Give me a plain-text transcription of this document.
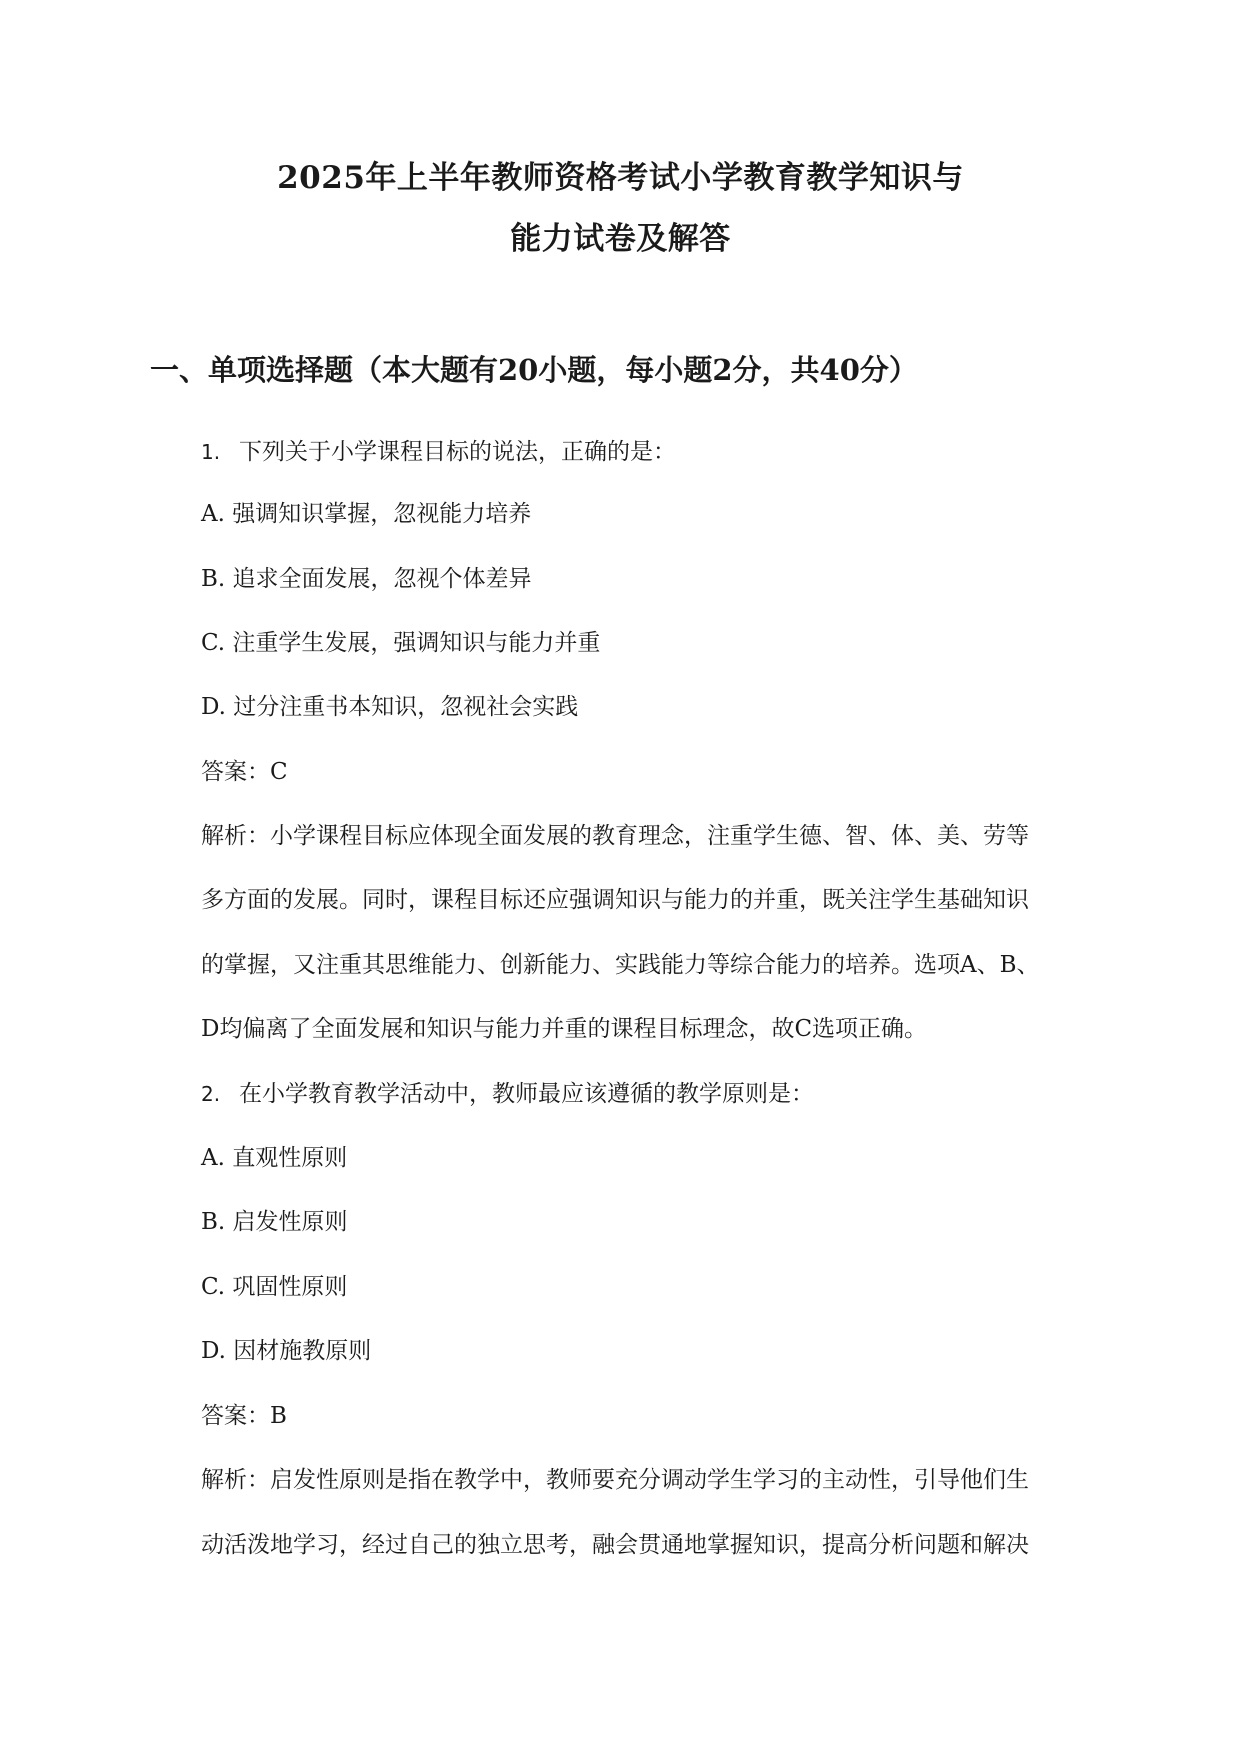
2025年上半年教师资格考试小学教育教学知识与
能力试卷及解答
一、单项选择题（本大题有20小题，每小题2分，共40分）
1. 下列关于小学课程目标的说法，正确的是：
A. 强调知识掌握，忽视能力培养
B. 追求全面发展，忽视个体差异
C. 注重学生发展，强调知识与能力并重
D. 过分注重书本知识，忽视社会实践
答案：C
解析：小学课程目标应体现全面发展的教育理念，注重学生德、智、体、美、劳等
多方面的发展。同时，课程目标还应强调知识与能力的并重，既关注学生基础知识
的掌握，又注重其思维能力、创新能力、实践能力等综合能力的培养。选项A、B、
D均偏离了全面发展和知识与能力并重的课程目标理念，故C选项正确。
2. 在小学教育教学活动中，教师最应该遵循的教学原则是：
A. 直观性原则
B. 启发性原则
C. 巩固性原则
D. 因材施教原则
答案：B
解析：启发性原则是指在教学中，教师要充分调动学生学习的主动性，引导他们生
动活泼地学习，经过自己的独立思考，融会贯通地掌握知识，提高分析问题和解决
